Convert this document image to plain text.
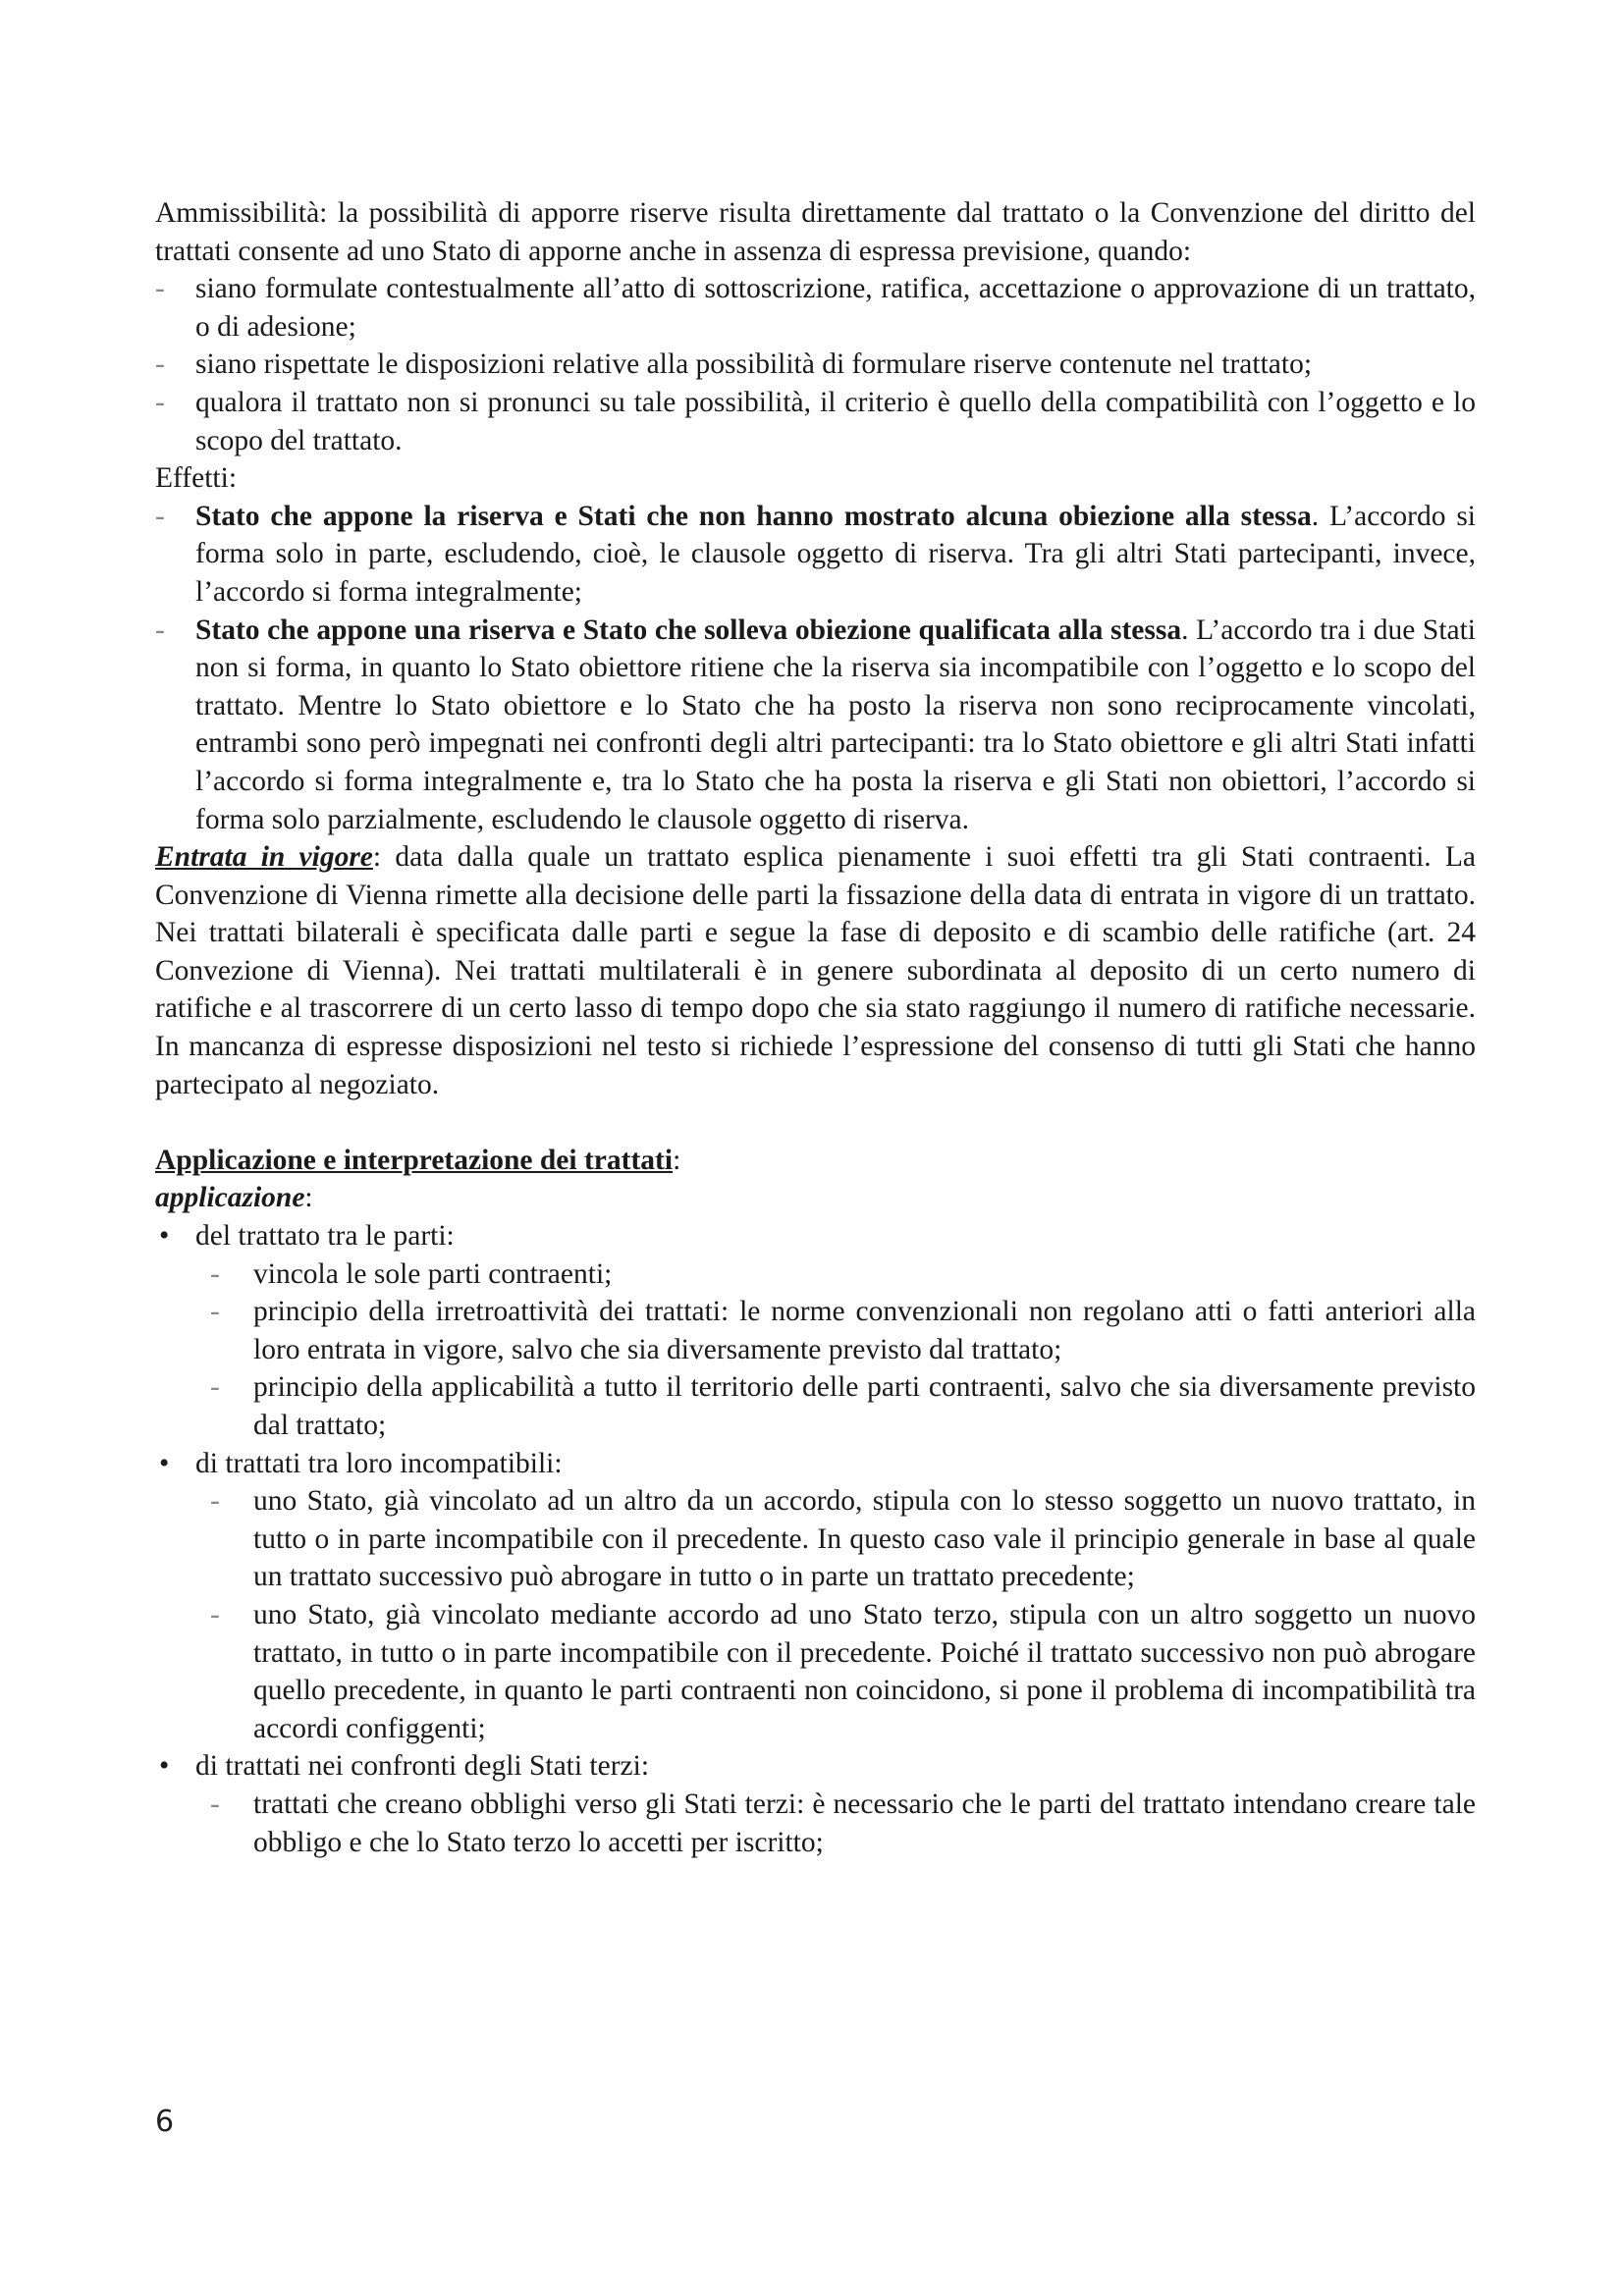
Ammissibilità: la possibilità di apporre riserve risulta direttamente dal trattato o la Convenzione del diritto del trattati consente ad uno Stato di apporne anche in assenza di espressa previsione, quando:

- siano formulate contestualmente all’atto di sottoscrizione, ratifica, accettazione o approvazione di un trattato, o di adesione;

- siano rispettate le disposizioni relative alla possibilità di formulare riserve contenute nel trattato;

- qualora il trattato non si pronunci su tale possibilità, il criterio è quello della compatibilità con l’oggetto e lo scopo del trattato.

Effetti:

- Stato che appone la riserva e Stati che non hanno mostrato alcuna obiezione alla stessa. L’accordo si forma solo in parte, escludendo, cioè, le clausole oggetto di riserva. Tra gli altri Stati partecipanti, invece, l’accordo si forma integralmente;

- Stato che appone una riserva e Stato che solleva obiezione qualificata alla stessa. L’accordo tra i due Stati non si forma, in quanto lo Stato obiettore ritiene che la riserva sia incompatibile con l’oggetto e lo scopo del trattato. Mentre lo Stato obiettore e lo Stato che ha posto la riserva non sono reciprocamente vincolati, entrambi sono però impegnati nei confronti degli altri partecipanti: tra lo Stato obiettore e gli altri Stati infatti l’accordo si forma integralmente e, tra lo Stato che ha posta la riserva e gli Stati non obiettori, l’accordo si forma solo parzialmente, escludendo le clausole oggetto di riserva.

Entrata in vigore: data dalla quale un trattato esplica pienamente i suoi effetti tra gli Stati contraenti. La Convenzione di Vienna rimette alla decisione delle parti la fissazione della data di entrata in vigore di un trattato. Nei trattati bilaterali è specificata dalle parti e segue la fase di deposito e di scambio delle ratifiche (art. 24 Convezione di Vienna). Nei trattati multilaterali è in genere subordinata al deposito di un certo numero di ratifiche e al trascorrere di un certo lasso di tempo dopo che sia stato raggiungo il numero di ratifiche necessarie. In mancanza di espresse disposizioni nel testo si richiede l’espressione del consenso di tutti gli Stati che hanno partecipato al negoziato.

Applicazione e interpretazione dei trattati:

applicazione:

• del trattato tra le parti:

- vincola le sole parti contraenti;

- principio della irretroattività dei trattati: le norme convenzionali non regolano atti o fatti anteriori alla loro entrata in vigore, salvo che sia diversamente previsto dal trattato;

- principio della applicabilità a tutto il territorio delle parti contraenti, salvo che sia diversamente previsto dal trattato;

• di trattati tra loro incompatibili:

- uno Stato, già vincolato ad un altro da un accordo, stipula con lo stesso soggetto un nuovo trattato, in tutto o in parte incompatibile con il precedente. In questo caso vale il principio generale in base al quale un trattato successivo può abrogare in tutto o in parte un trattato precedente;

- uno Stato, già vincolato mediante accordo ad uno Stato terzo, stipula con un altro soggetto un nuovo trattato, in tutto o in parte incompatibile con il precedente. Poiché il trattato successivo non può abrogare quello precedente, in quanto le parti contraenti non coincidono, si pone il problema di incompatibilità tra accordi configgenti;

• di trattati nei confronti degli Stati terzi:

- trattati che creano obblighi verso gli Stati terzi: è necessario che le parti del trattato intendano creare tale obbligo e che lo Stato terzo lo accetti per iscritto;

6
